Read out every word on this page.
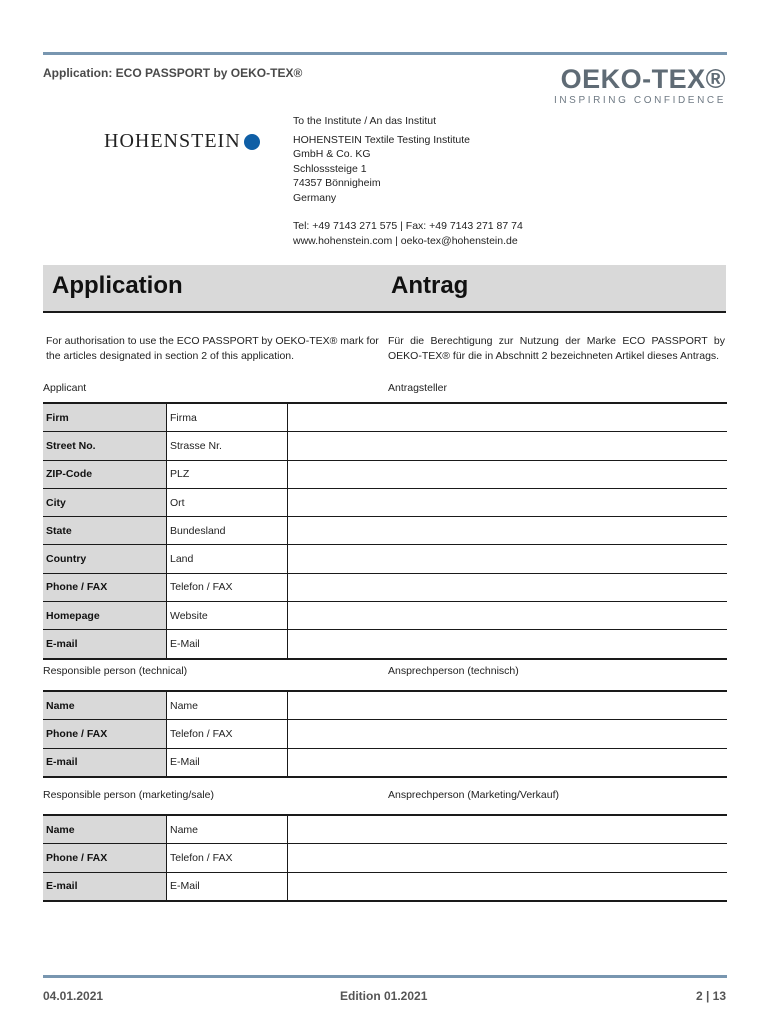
Application: ECO PASSPORT by OEKO-TEX®	OEKO-TEX®
INSPIRING CONFIDENCE
HOHENSTEIN
To the Institute / An das Institut
HOHENSTEIN Textile Testing Institute
GmbH & Co. KG
Schlosssteige 1
74357 Bönnigheim
Germany
Tel: +49 7143 271 575 | Fax: +49 7143 271 87 74
www.hohenstein.com | oeko-tex@hohenstein.de
Application	Antrag
For authorisation to use the ECO PASSPORT by OEKO-TEX® mark for the articles designated in section 2 of this application.
Für die Berechtigung zur Nutzung der Marke ECO PASSPORT by OEKO-TEX® für die in Abschnitt 2 bezeichneten Artikel dieses Antrags.
Applicant	Antragsteller
Firm	Firma	
Street No.	Strasse Nr.	
ZIP-Code	PLZ	
City	Ort	
State	Bundesland	
Country	Land	
Phone / FAX	Telefon / FAX	
Homepage	Website	
E-mail	E-Mail	
Responsible person (technical)	Ansprechperson (technisch)
Name	Name	
Phone / FAX	Telefon / FAX	
E-mail	E-Mail	
Responsible person (marketing/sale)	Ansprechperson (Marketing/Verkauf)
Name	Name	
Phone / FAX	Telefon / FAX	
E-mail	E-Mail	
04.01.2021	Edition 01.2021	2 | 13
